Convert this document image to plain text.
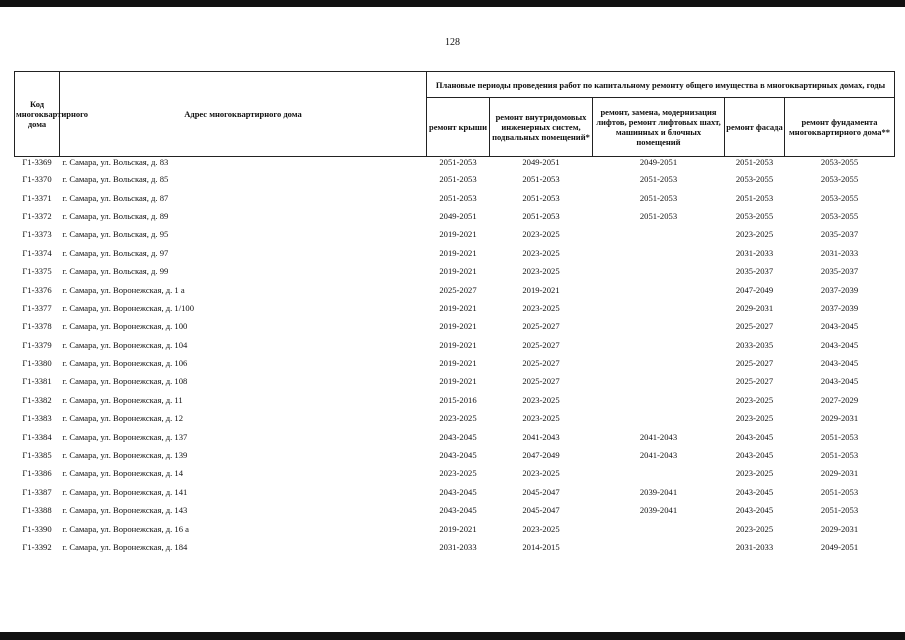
128
Код многоквартирного дома	Адрес многоквартирного дома	Плановые периоды проведения работ по капитальному ремонту общего имущества в многоквартирных домах, годы				
		ремонт крыши	ремонт внутридомовых инженерных систем, подвальных помещений*	ремонт, замена, модернизация лифтов, ремонт лифтовых шахт, машинных и блочных помещений	ремонт фасада	ремонт фундамента многоквартирного дома**
Г1-3369	г. Самара, ул. Вольская, д. 83	2051-2053	2049-2051	2049-2051	2051-2053	2053-2055
Г1-3370	г. Самара, ул. Вольская, д. 85	2051-2053	2051-2053	2051-2053	2053-2055	2053-2055
Г1-3371	г. Самара, ул. Вольская, д. 87	2051-2053	2051-2053	2051-2053	2051-2053	2053-2055
Г1-3372	г. Самара, ул. Вольская, д. 89	2049-2051	2051-2053	2051-2053	2053-2055	2053-2055
Г1-3373	г. Самара, ул. Вольская, д. 95	2019-2021	2023-2025		2023-2025	2035-2037
Г1-3374	г. Самара, ул. Вольская, д. 97	2019-2021	2023-2025		2031-2033	2031-2033
Г1-3375	г. Самара, ул. Вольская, д. 99	2019-2021	2023-2025		2035-2037	2035-2037
Г1-3376	г. Самара, ул. Воронежская, д. 1 а	2025-2027	2019-2021		2047-2049	2037-2039
Г1-3377	г. Самара, ул. Воронежская, д. 1/100	2019-2021	2023-2025		2029-2031	2037-2039
Г1-3378	г. Самара, ул. Воронежская, д. 100	2019-2021	2025-2027		2025-2027	2043-2045
Г1-3379	г. Самара, ул. Воронежская, д. 104	2019-2021	2025-2027		2033-2035	2043-2045
Г1-3380	г. Самара, ул. Воронежская, д. 106	2019-2021	2025-2027		2025-2027	2043-2045
Г1-3381	г. Самара, ул. Воронежская, д. 108	2019-2021	2025-2027		2025-2027	2043-2045
Г1-3382	г. Самара, ул. Воронежская, д. 11	2015-2016	2023-2025		2023-2025	2027-2029
Г1-3383	г. Самара, ул. Воронежская, д. 12	2023-2025	2023-2025		2023-2025	2029-2031
Г1-3384	г. Самара, ул. Воронежская, д. 137	2043-2045	2041-2043	2041-2043	2043-2045	2051-2053
Г1-3385	г. Самара, ул. Воронежская, д. 139	2043-2045	2047-2049	2041-2043	2043-2045	2051-2053
Г1-3386	г. Самара, ул. Воронежская, д. 14	2023-2025	2023-2025		2023-2025	2029-2031
Г1-3387	г. Самара, ул. Воронежская, д. 141	2043-2045	2045-2047	2039-2041	2043-2045	2051-2053
Г1-3388	г. Самара, ул. Воронежская, д. 143	2043-2045	2045-2047	2039-2041	2043-2045	2051-2053
Г1-3390	г. Самара, ул. Воронежская, д. 16 а	2019-2021	2023-2025		2023-2025	2029-2031
Г1-3392	г. Самара, ул. Воронежская, д. 184	2031-2033	2014-2015		2031-2033	2049-2051
